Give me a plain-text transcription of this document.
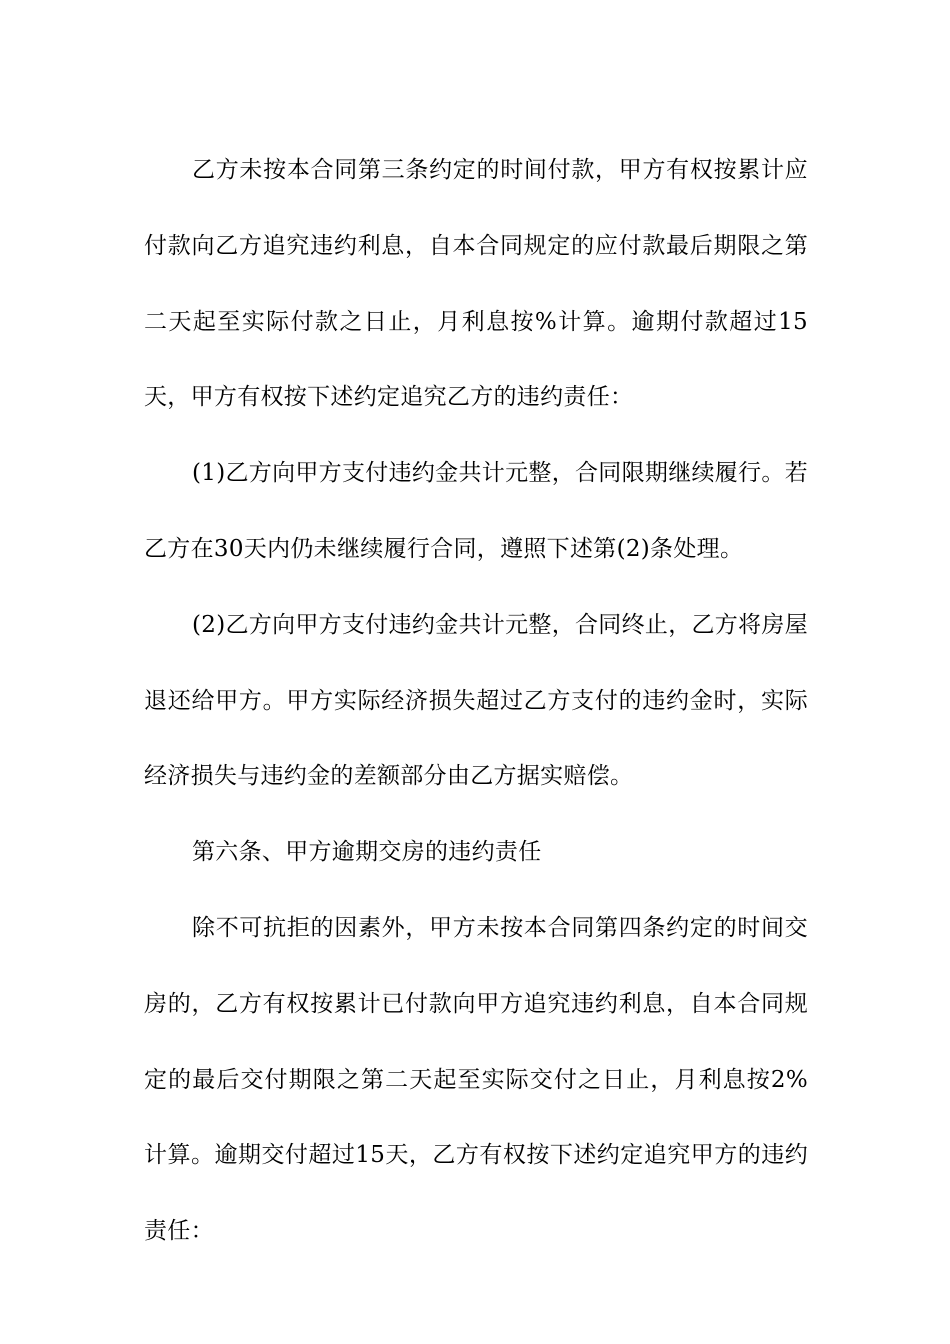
乙方未按本合同第三条约定的时间付款，甲方有权按累计应付款向乙方追究违约利息，自本合同规定的应付款最后期限之第二天起至实际付款之日止，月利息按%计算。逾期付款超过15天，甲方有权按下述约定追究乙方的违约责任：

(1)乙方向甲方支付违约金共计元整，合同限期继续履行。若乙方在30天内仍未继续履行合同，遵照下述第(2)条处理。

(2)乙方向甲方支付违约金共计元整，合同终止，乙方将房屋退还给甲方。甲方实际经济损失超过乙方支付的违约金时，实际经济损失与违约金的差额部分由乙方据实赔偿。

第六条、甲方逾期交房的违约责任

除不可抗拒的因素外，甲方未按本合同第四条约定的时间交房的，乙方有权按累计已付款向甲方追究违约利息，自本合同规定的最后交付期限之第二天起至实际交付之日止，月利息按2%计算。逾期交付超过15天，乙方有权按下述约定追究甲方的违约责任：
